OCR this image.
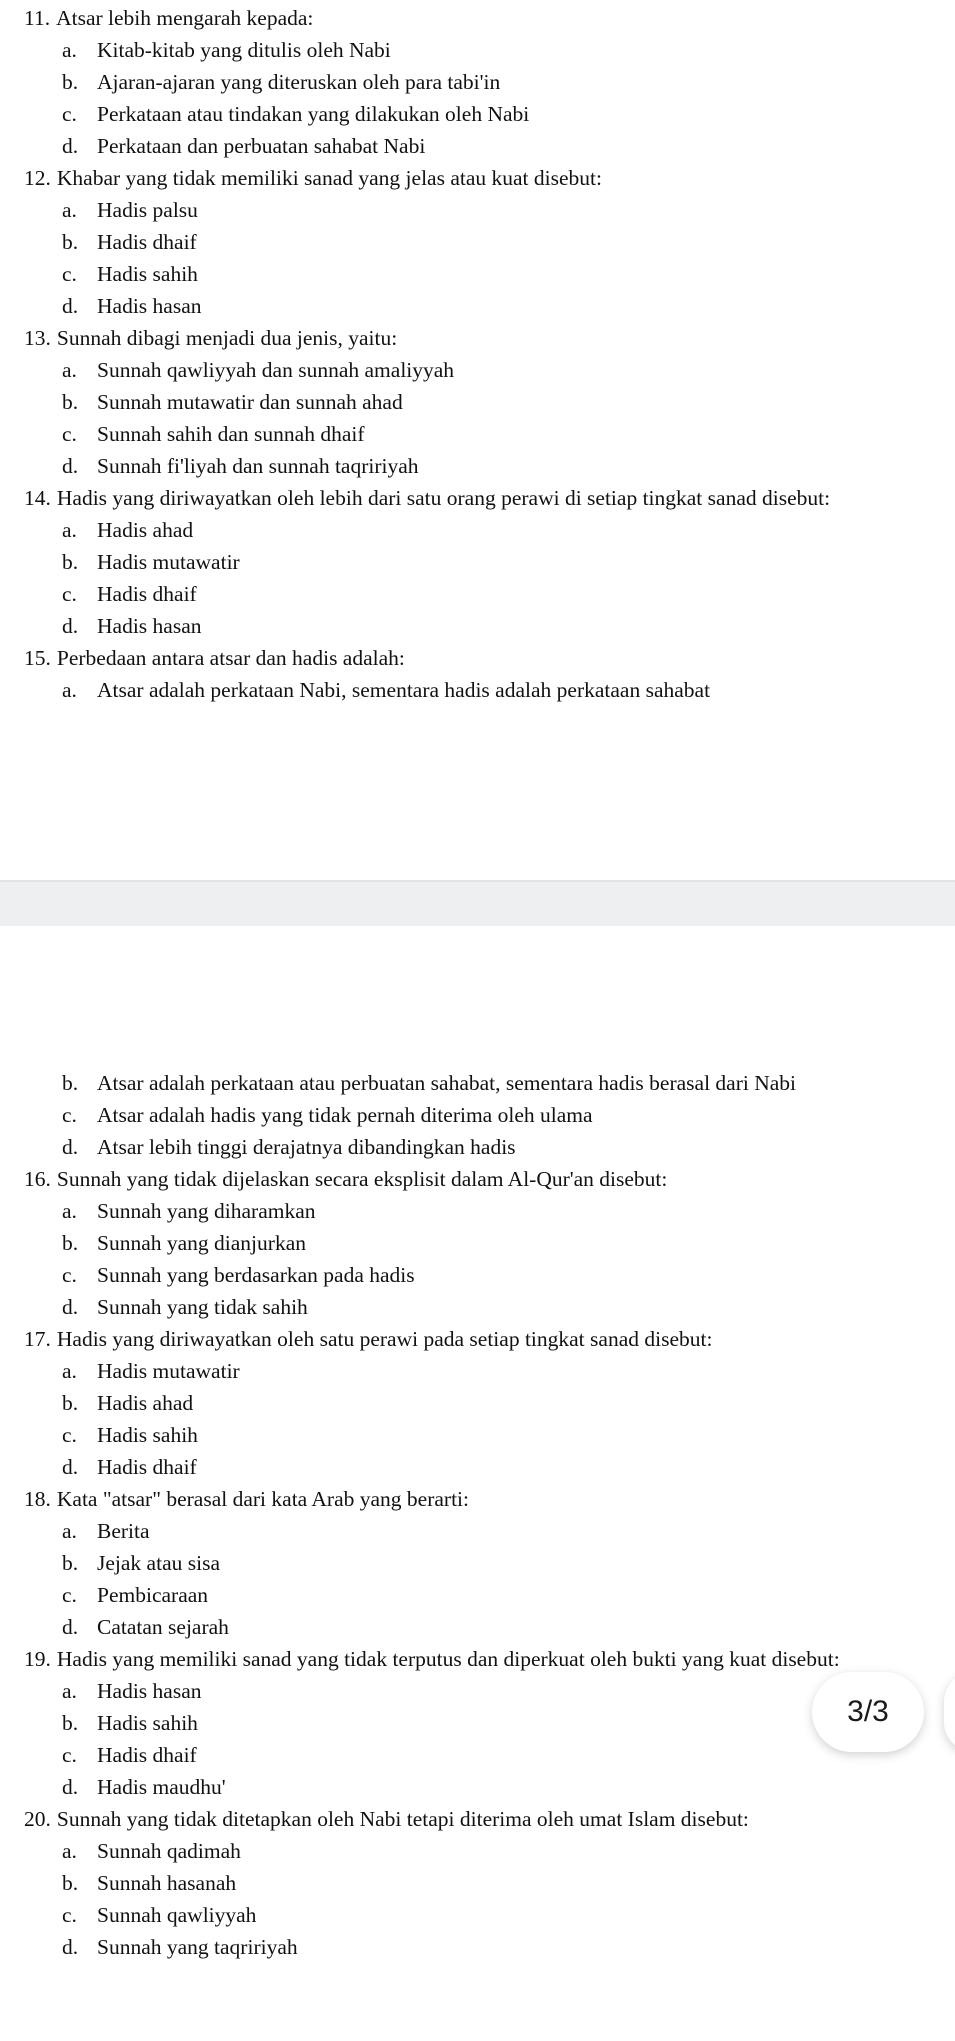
11. Atsar lebih mengarah kepada:
a. Kitab-kitab yang ditulis oleh Nabi
b. Ajaran-ajaran yang diteruskan oleh para tabi'in
c. Perkataan atau tindakan yang dilakukan oleh Nabi
d. Perkataan dan perbuatan sahabat Nabi
12. Khabar yang tidak memiliki sanad yang jelas atau kuat disebut:
a. Hadis palsu
b. Hadis dhaif
c. Hadis sahih
d. Hadis hasan
13. Sunnah dibagi menjadi dua jenis, yaitu:
a. Sunnah qawliyyah dan sunnah amaliyyah
b. Sunnah mutawatir dan sunnah ahad
c. Sunnah sahih dan sunnah dhaif
d. Sunnah fi'liyah dan sunnah taqririyah
14. Hadis yang diriwayatkan oleh lebih dari satu orang perawi di setiap tingkat sanad disebut:
a. Hadis ahad
b. Hadis mutawatir
c. Hadis dhaif
d. Hadis hasan
15. Perbedaan antara atsar dan hadis adalah:
a. Atsar adalah perkataan Nabi, sementara hadis adalah perkataan sahabat
b. Atsar adalah perkataan atau perbuatan sahabat, sementara hadis berasal dari Nabi
c. Atsar adalah hadis yang tidak pernah diterima oleh ulama
d. Atsar lebih tinggi derajatnya dibandingkan hadis
16. Sunnah yang tidak dijelaskan secara eksplisit dalam Al-Qur'an disebut:
a. Sunnah yang diharamkan
b. Sunnah yang dianjurkan
c. Sunnah yang berdasarkan pada hadis
d. Sunnah yang tidak sahih
17. Hadis yang diriwayatkan oleh satu perawi pada setiap tingkat sanad disebut:
a. Hadis mutawatir
b. Hadis ahad
c. Hadis sahih
d. Hadis dhaif
18. Kata "atsar" berasal dari kata Arab yang berarti:
a. Berita
b. Jejak atau sisa
c. Pembicaraan
d. Catatan sejarah
19. Hadis yang memiliki sanad yang tidak terputus dan diperkuat oleh bukti yang kuat disebut:
a. Hadis hasan
b. Hadis sahih
c. Hadis dhaif
d. Hadis maudhu'
20. Sunnah yang tidak ditetapkan oleh Nabi tetapi diterima oleh umat Islam disebut:
a. Sunnah qadimah
b. Sunnah hasanah
c. Sunnah qawliyyah
d. Sunnah yang taqririyah
3/3
